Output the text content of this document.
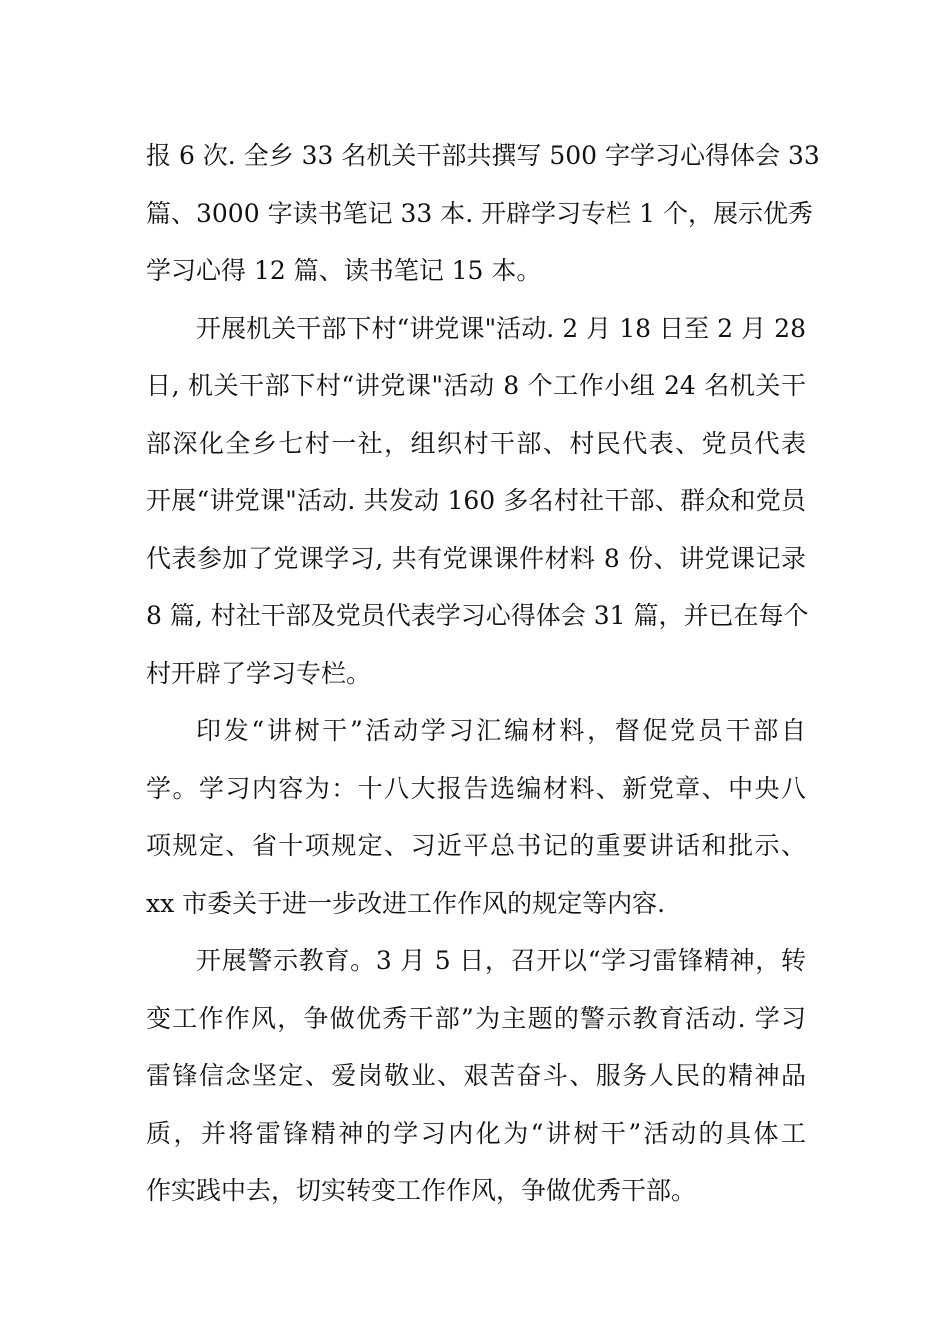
报 6 次. 全乡 33 名机关干部共撰写 500 字学习心得体会 33
篇、3000 字读书笔记 33 本. 开辟学习专栏 1 个，展示优秀
学习心得 12 篇、读书笔记 15 本。
开展机关干部下村“讲党课"活动. 2 月 18 日至 2 月 28
日, 机关干部下村“讲党课"活动 8 个工作小组 24 名机关干
部深化全乡七村一社，组织村干部、村民代表、党员代表
开展“讲党课"活动. 共发动 160 多名村社干部、群众和党员
代表参加了党课学习, 共有党课课件材料 8 份、讲党课记录
8 篇, 村社干部及党员代表学习心得体会 31 篇，并已在每个
村开辟了学习专栏。
印发“讲树干”活动学习汇编材料，督促党员干部自
学。学习内容为：十八大报告选编材料、新党章、中央八
项规定、省十项规定、习近平总书记的重要讲话和批示、
xx 市委关于进一步改进工作作风的规定等内容.
开展警示教育。3 月 5 日，召开以“学习雷锋精神，转
变工作作风，争做优秀干部”为主题的警示教育活动. 学习
雷锋信念坚定、爱岗敬业、艰苦奋斗、服务人民的精神品
质，并将雷锋精神的学习内化为“讲树干”活动的具体工
作实践中去，切实转变工作作风，争做优秀干部。
